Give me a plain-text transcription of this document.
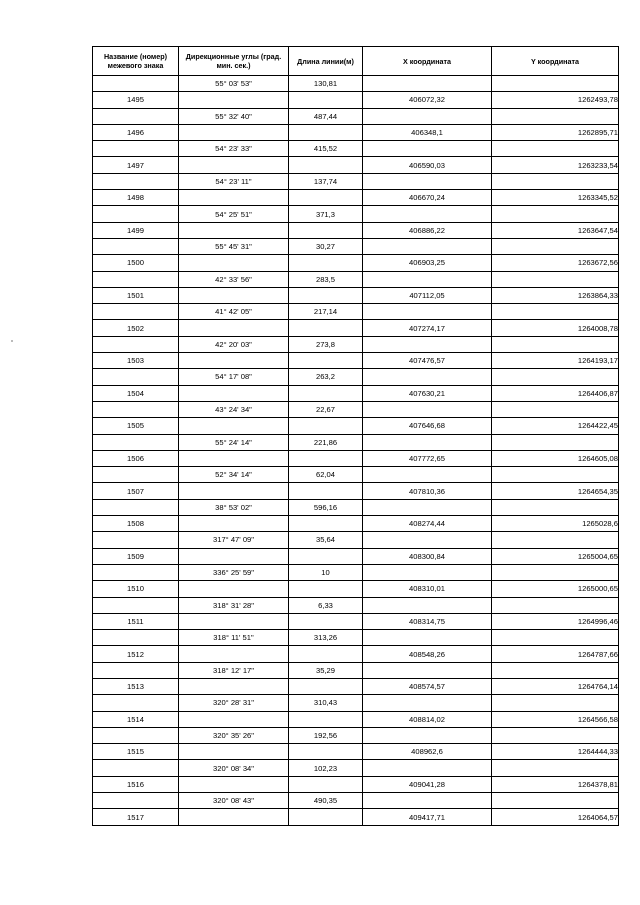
Название (номер) межевого знака	Дирекционные углы (град. мин. сек.)	Длина линии(м)	X координата	Y координата
	55° 03' 53"	130,81		
1495			406072,32	1262493,78
	55° 32' 40"	487,44		
1496			406348,1	1262895,71
	54° 23' 33"	415,52		
1497			406590,03	1263233,54
	54° 23' 11"	137,74		
1498			406670,24	1263345,52
	54° 25' 51"	371,3		
1499			406886,22	1263647,54
	55° 45' 31"	30,27		
1500			406903,25	1263672,56
	42° 33' 56"	283,5		
1501			407112,05	1263864,33
	41° 42' 05"	217,14		
1502			407274,17	1264008,78
	42° 20' 03"	273,8		
1503			407476,57	1264193,17
	54° 17' 08"	263,2		
1504			407630,21	1264406,87
	43° 24' 34"	22,67		
1505			407646,68	1264422,45
	55° 24' 14"	221,86		
1506			407772,65	1264605,08
	52° 34' 14"	62,04		
1507			407810,36	1264654,35
	38° 53' 02"	596,16		
1508			408274,44	1265028,6
	317° 47' 09"	35,64		
1509			408300,84	1265004,65
	336° 25' 59"	10		
1510			408310,01	1265000,65
	318° 31' 28"	6,33		
1511			408314,75	1264996,46
	318° 11' 51"	313,26		
1512			408548,26	1264787,66
	318° 12' 17"	35,29		
1513			408574,57	1264764,14
	320° 28' 31"	310,43		
1514			408814,02	1264566,58
	320° 35' 26"	192,56		
1515			408962,6	1264444,33
	320° 08' 34"	102,23		
1516			409041,28	1264378,81
	320° 08' 43"	490,35		
1517			409417,71	1264064,57
